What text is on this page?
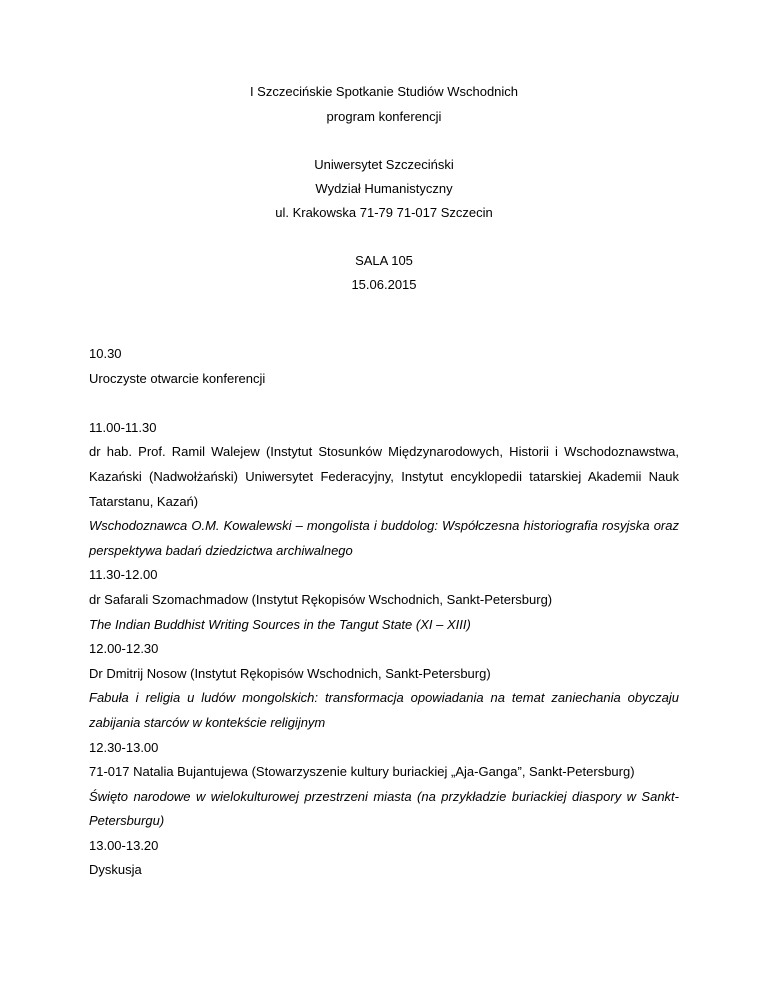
I Szczecińskie Spotkanie Studiów Wschodnich
program konferencji
Uniwersytet Szczeciński
Wydział Humanistyczny
ul. Krakowska 71-79 71-017 Szczecin
SALA 105
15.06.2015
10.30
Uroczyste otwarcie konferencji
11.00-11.30
dr hab. Prof. Ramil Walejew (Instytut Stosunków Międzynarodowych, Historii i Wschodoznawstwa, Kazański (Nadwołżański) Uniwersytet Federacyjny, Instytut encyklopedii tatarskiej Akademii Nauk Tatarstanu, Kazań)
Wschodoznawca O.M. Kowalewski – mongolista i buddolog: Współczesna historiografia rosyjska oraz perspektywa badań dziedzictwa archiwalnego
11.30-12.00
dr Safarali Szomachmadow (Instytut Rękopisów Wschodnich, Sankt-Petersburg)
The Indian Buddhist Writing Sources in the Tangut State (XI – XIII)
12.00-12.30
Dr Dmitrij Nosow (Instytut Rękopisów Wschodnich, Sankt-Petersburg)
Fabuła i religia u ludów mongolskich: transformacja opowiadania na temat zaniechania obyczaju zabijania starców w kontekście religijnym
12.30-13.00
71-017 Natalia Bujantujewa (Stowarzyszenie kultury buriackiej „Aja-Ganga”, Sankt-Petersburg)
Święto narodowe w wielokulturowej przestrzeni miasta (na przykładzie buriackiej diaspory w Sankt-Petersburgu)
13.00-13.20
Dyskusja
